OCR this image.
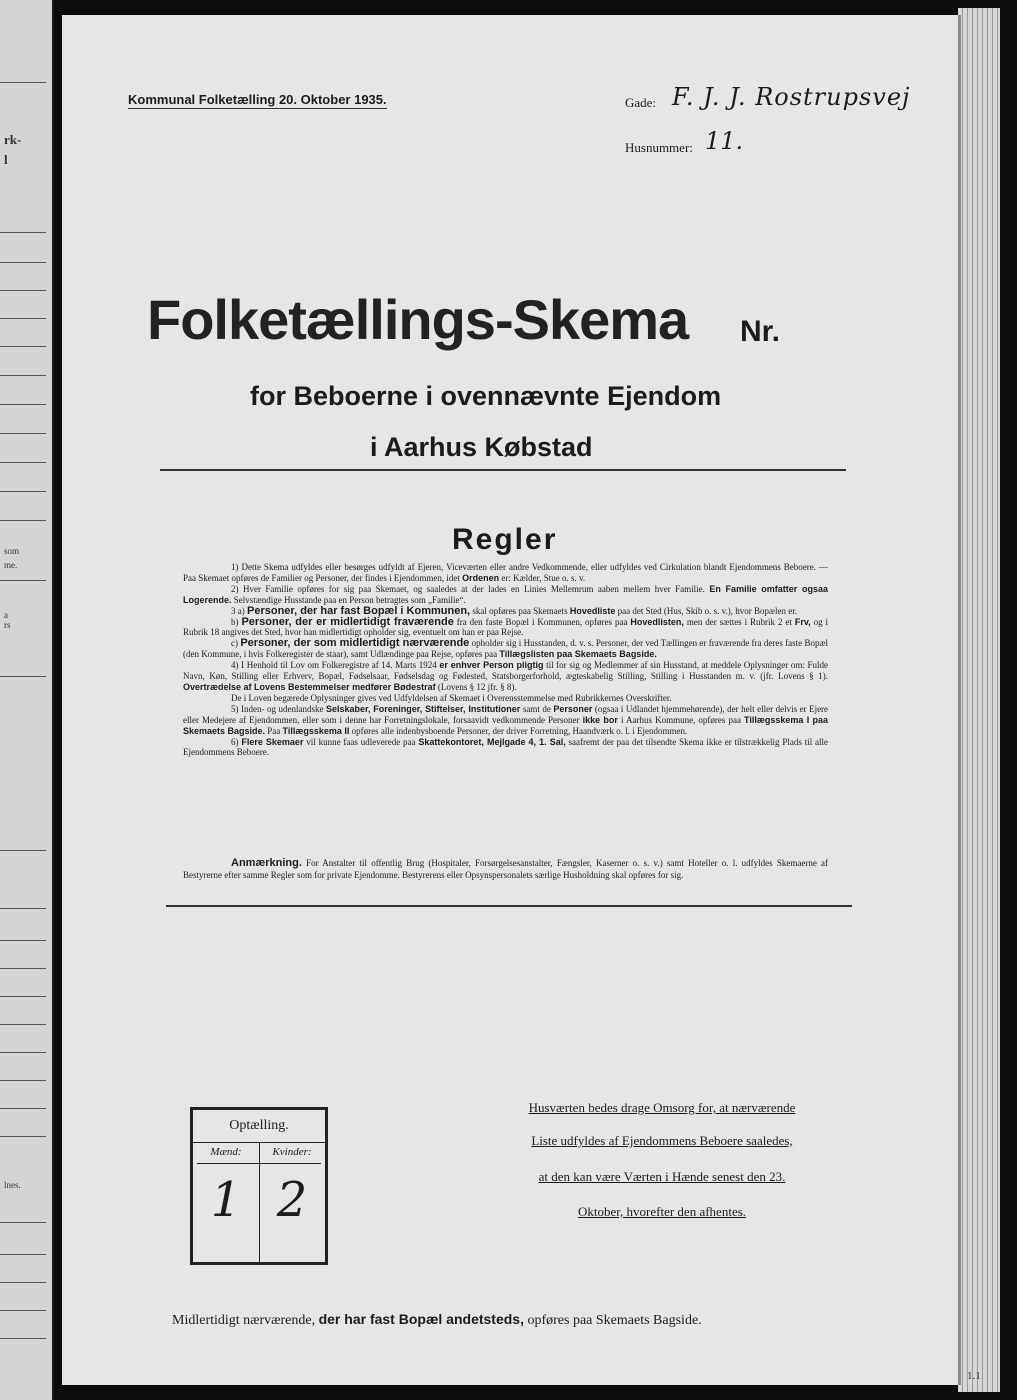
rk-
l
som
me.
a
rs
lnes.
Kommunal Folketælling 20. Oktober 1935.	Gade: F. J. J. Rostrupsvej
Husnummer: 11.
Folketællings-Skema Nr.
for Beboerne i ovennævnte Ejendom
i Aarhus Købstad
Regler

1) Dette Skema udfyldes eller besørges udfyldt af Ejeren, Viceværten eller andre Vedkommende, eller udfyldes ved Cirkulation blandt Ejendommens Beboere. — Paa Skemaet opføres de Familier og Personer, der findes i Ejendommen, idet Ordenen er: Kælder, Stue o. s. v.

2) Hver Familie opføres for sig paa Skemaet, og saaledes at der lades en Linies Mellemrum aaben mellem hver Familie. En Familie omfatter ogsaa Logerende. Selvstændige Husstande paa en Person betragtes som „Familie“.

3 a) Personer, der har fast Bopæl i Kommunen, skal opføres paa Skemaets Hovedliste paa det Sted (Hus, Skib o. s. v.), hvor Bopælen er.

b) Personer, der er midlertidigt fraværende fra den faste Bopæl i Kommunen, opføres paa Hovedlisten, men der sættes i Rubrik 2 et Frv, og i Rubrik 18 angives det Sted, hvor han midlertidigt opholder sig, eventuelt om han er paa Rejse.

c) Personer, der som midlertidigt nærværende opholder sig i Husstanden, d. v. s. Personer, der ved Tællingen er fraværende fra deres faste Bopæl (den Kommune, i hvis Folkeregister de staar), samt Udlændinge paa Rejse, opføres paa Tillægslisten paa Skemaets Bagside.

4) I Henhold til Lov om Folkeregistre af 14. Marts 1924 er enhver Person pligtig til for sig og Medlemmer af sin Husstand, at meddele Oplysninger om: Fulde Navn, Køn, Stilling eller Erhverv, Bopæl, Fødselsaar, Fødselsdag og Fødested, Statsborgerforhold, ægteskabelig Stilling, Stilling i Husstanden m. v. (jfr. Lovens § 1). Overtrædelse af Lovens Bestemmelser medfører Bødestraf (Lovens § 12 jfr. § 8).

De i Loven begærede Oplysninger gives ved Udfyldelsen af Skemaet i Overensstemmelse med Rubrikkernes Overskrifter.

5) Inden- og udenlandske Selskaber, Foreninger, Stiftelser, Institutioner samt de Personer (ogsaa i Udlandet hjemmehørende), der helt eller delvis er Ejere eller Medejere af Ejendommen, eller som i denne har Forretningslokale, forsaavidt vedkommende Personer ikke bor i Aarhus Kommune, opføres paa Tillægsskema I paa Skemaets Bagside. Paa Tillægsskema II opføres alle indenbysboende Personer, der driver Forretning, Haandværk o. l. i Ejendommen.

6) Flere Skemaer vil kunne faas udleverede paa Skattekontoret, Mejlgade 4, 1. Sal, saafremt der paa det tilsendte Skema ikke er tilstrækkelig Plads til alle Ejendommens Beboere.

Anmærkning. For Anstalter til offentlig Brug (Hospitaler, Forsørgelsesanstalter, Fængsler, Kaserner o. s. v.) samt Hoteller o. l. udfyldes Skemaerne af Bestyrerne efter samme Regler som for private Ejendomme. Bestyrerens eller Opsynspersonalets særlige Husholdning skal opføres for sig.
Optælling.
Mænd:	Kvinder:
1 2
Husværten bedes drage Omsorg for, at nærværende
Liste udfyldes af Ejendommens Beboere saaledes,
at den kan være Værten i Hænde senest den 23.
Oktober, hvorefter den afhentes.
Midlertidigt nærværende, der har fast Bopæl andetsteds, opføres paa Skemaets Bagside.
1.1
